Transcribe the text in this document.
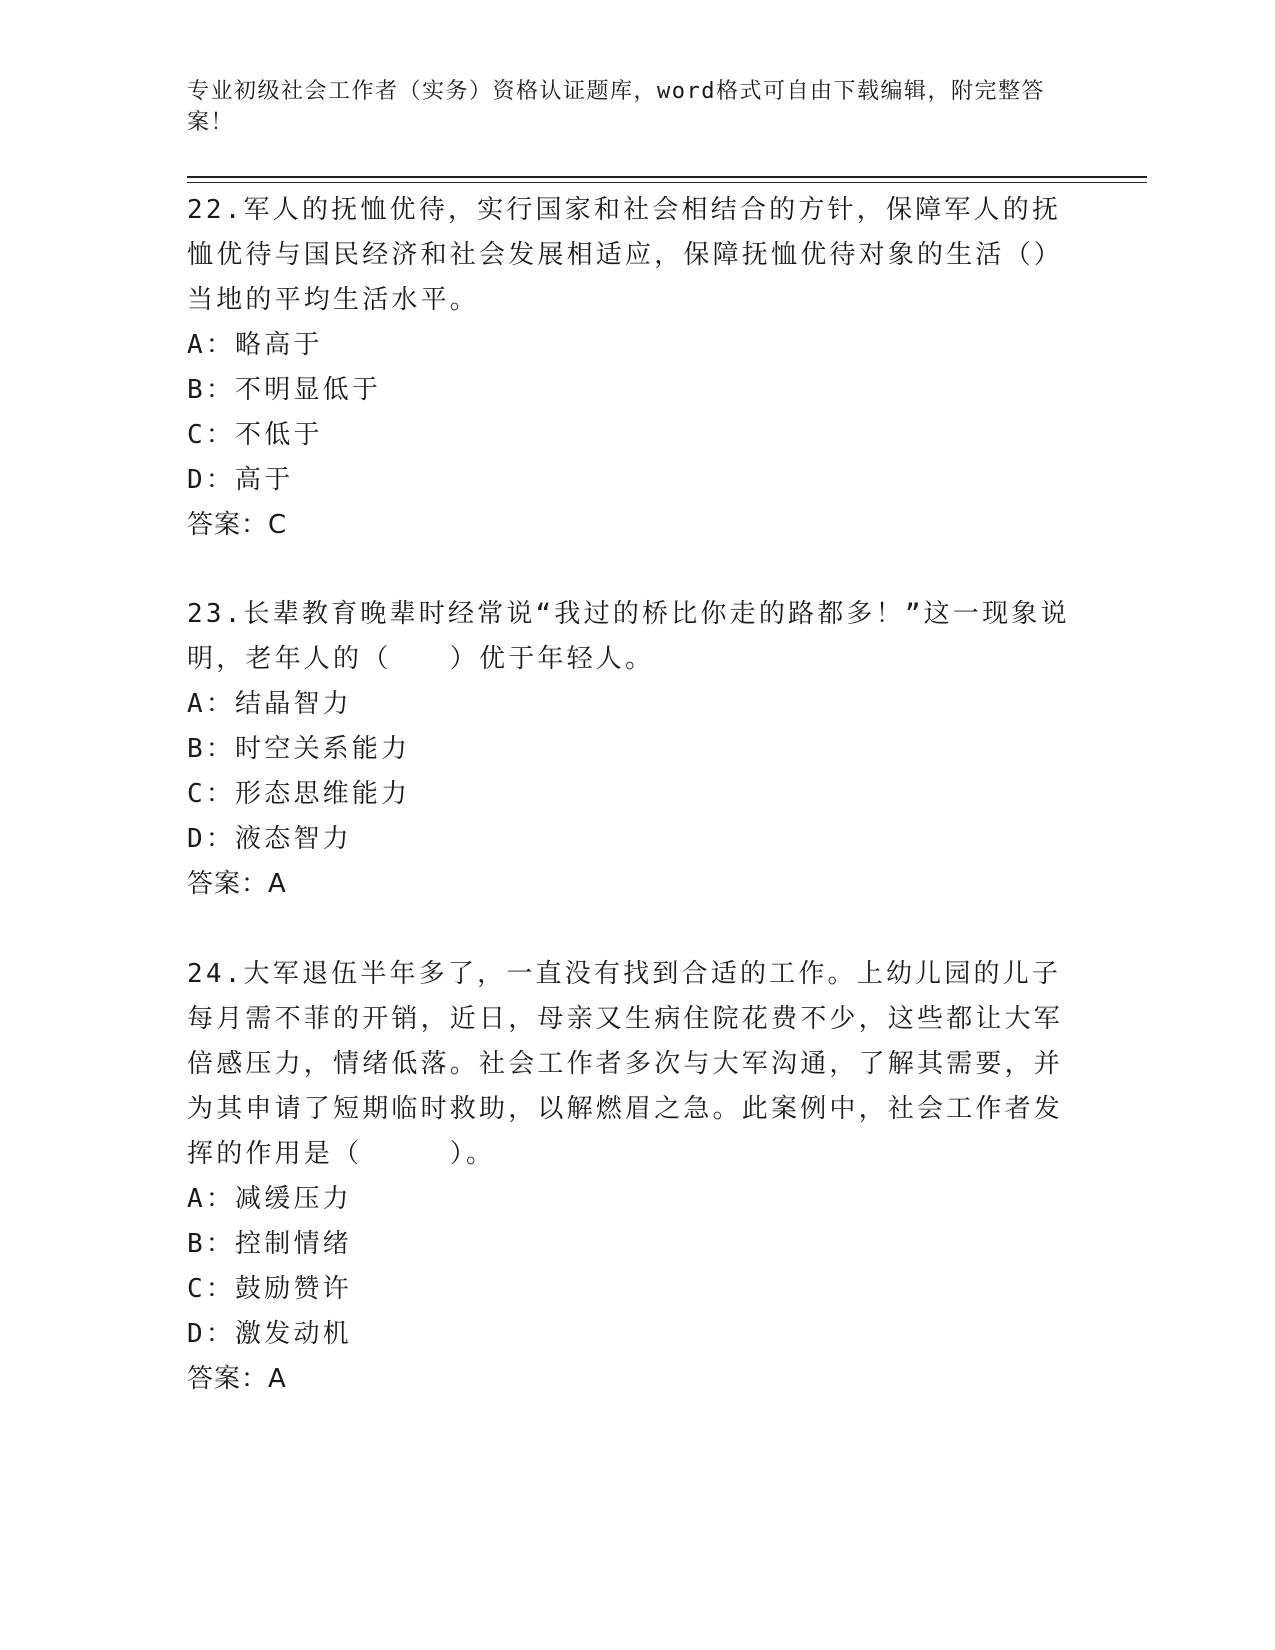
专业初级社会工作者（实务）资格认证题库，word格式可自由下载编辑，附完整答案！

22.军人的抚恤优待，实行国家和社会相结合的方针，保障军人的抚恤优待与国民经济和社会发展相适应，保障抚恤优待对象的生活（）当地的平均生活水平。

A：略高于

B：不明显低于

C：不低于

D：高于

答案：C

23.长辈教育晚辈时经常说“我过的桥比你走的路都多！”这一现象说明，老年人的（　　）优于年轻人。

A：结晶智力

B：时空关系能力

C：形态思维能力

D：液态智力

答案：A

24.大军退伍半年多了，一直没有找到合适的工作。上幼儿园的儿子每月需不菲的开销，近日，母亲又生病住院花费不少，这些都让大军倍感压力，情绪低落。社会工作者多次与大军沟通，了解其需要，并为其申请了短期临时救助，以解燃眉之急。此案例中，社会工作者发挥的作用是（　　　）。

A：减缓压力

B：控制情绪

C：鼓励赞许

D：激发动机

答案：A
